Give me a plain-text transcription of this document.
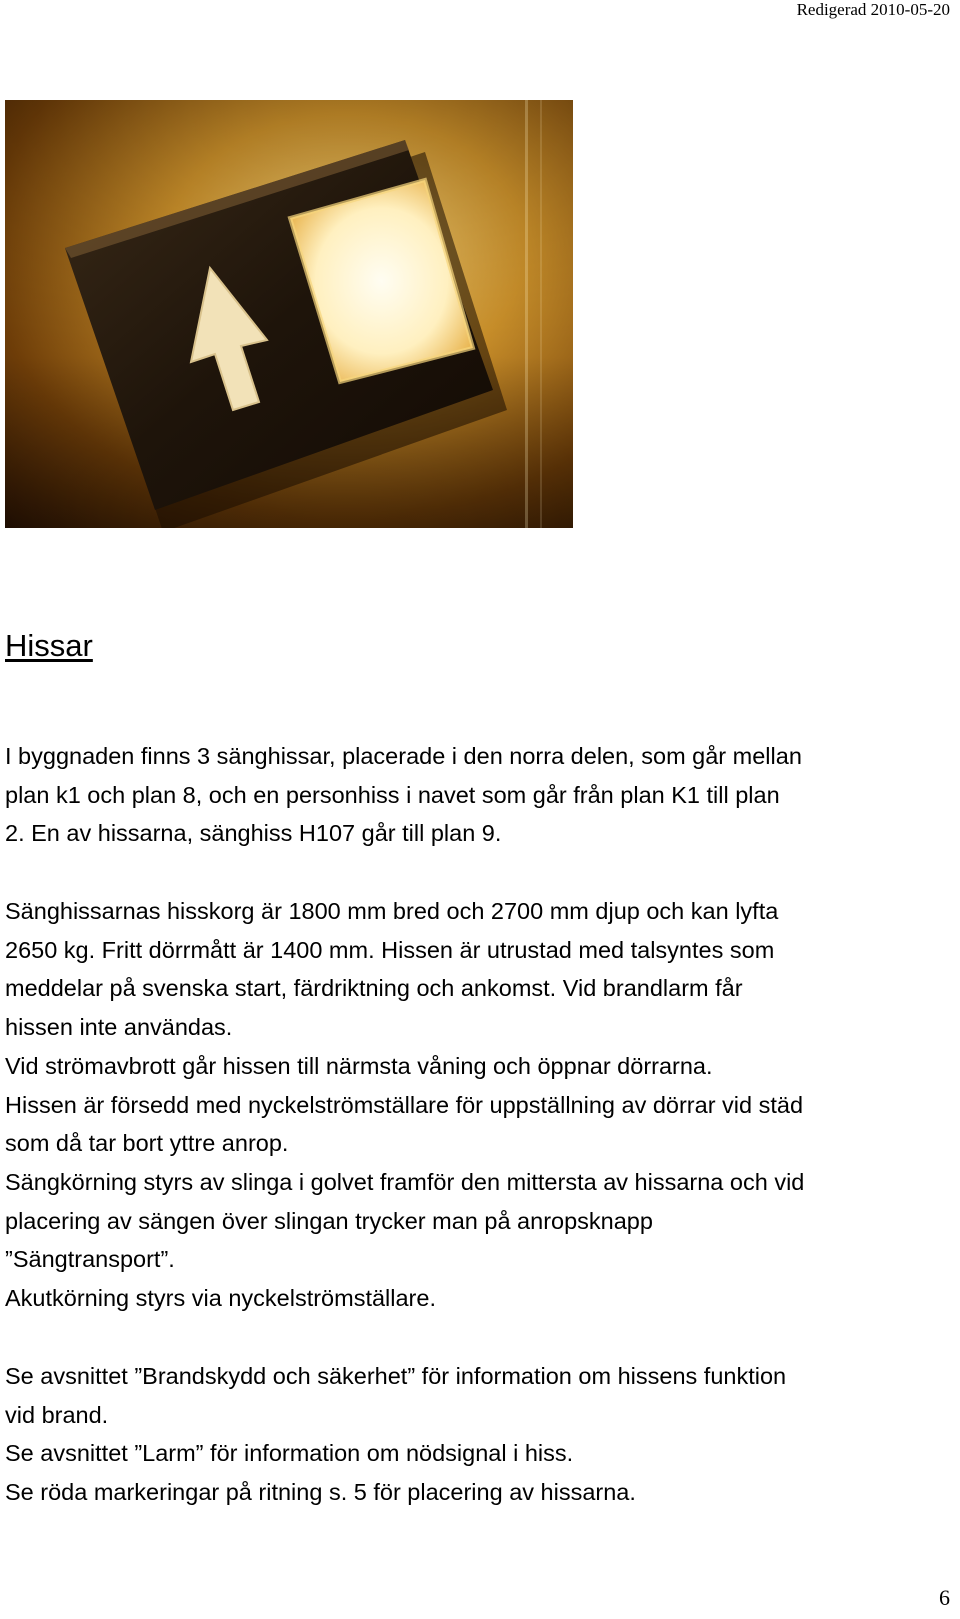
Redigerad 2010-05-20
Hissar

I byggnaden finns 3 sänghissar, placerade i den norra delen, som går mellan
plan k1 och plan 8, och en personhiss i navet som går från plan K1 till plan
2. En av hissarna, sänghiss H107 går till plan 9.

Sänghissarnas hisskorg är 1800 mm bred och 2700 mm djup och kan lyfta
2650 kg. Fritt dörrmått är 1400 mm. Hissen är utrustad med talsyntes som
meddelar på svenska start, färdriktning och ankomst. Vid brandlarm får
hissen inte användas.
Vid strömavbrott går hissen till närmsta våning och öppnar dörrarna.
Hissen är försedd med nyckelströmställare för uppställning av dörrar vid städ
som då tar bort yttre anrop.
Sängkörning styrs av slinga i golvet framför den mittersta av hissarna och vid
placering av sängen över slingan trycker man på anropsknapp
”Sängtransport”.
Akutkörning styrs via nyckelströmställare.

Se avsnittet ”Brandskydd och säkerhet” för information om hissens funktion
vid brand.
Se avsnittet ”Larm” för information om nödsignal i hiss.
Se röda markeringar på ritning s. 5 för placering av hissarna.

6
